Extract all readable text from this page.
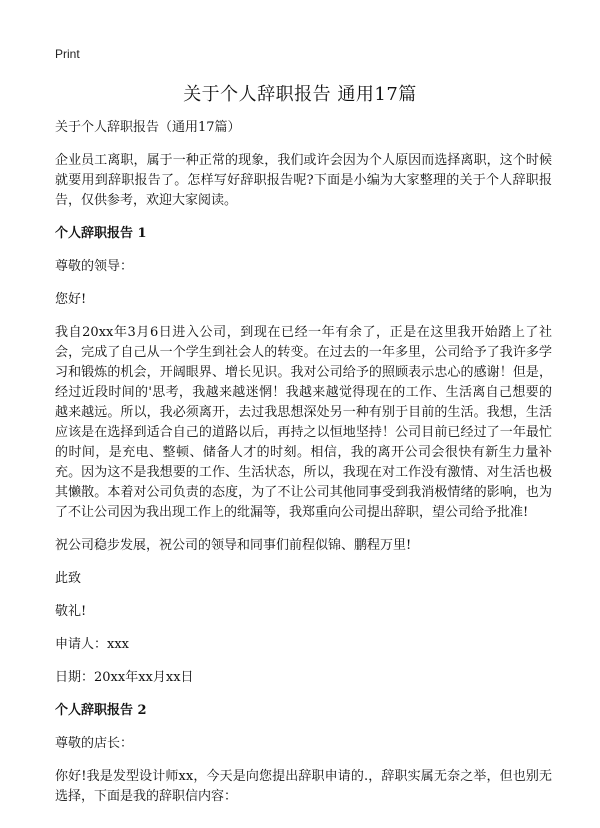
Print
关于个人辞职报告 通用17篇

关于个人辞职报告（通用17篇）

企业员工离职，属于一种正常的现象，我们或许会因为个人原因而选择离职，这个时候就要用到辞职报告了。怎样写好辞职报告呢?下面是小编为大家整理的关于个人辞职报告，仅供参考，欢迎大家阅读。

个人辞职报告 1

尊敬的领导：

您好!

我自20xx年3月6日进入公司，到现在已经一年有余了，正是在这里我开始踏上了社会，完成了自己从一个学生到社会人的转变。在过去的一年多里，公司给予了我许多学习和锻炼的机会，开阔眼界、增长见识。我对公司给予的照顾表示忠心的感谢！但是，经过近段时间的'思考，我越来越迷惘！我越来越觉得现在的工作、生活离自己想要的越来越远。所以，我必须离开，去过我思想深处另一种有别于目前的生活。我想，生活应该是在选择到适合自己的道路以后，再持之以恒地坚持！公司目前已经过了一年最忙的时间，是充电、整顿、储备人才的时刻。相信，我的离开公司会很快有新生力量补充。因为这不是我想要的工作、生活状态，所以，我现在对工作没有激情、对生活也极其懒散。本着对公司负责的态度，为了不让公司其他同事受到我消极情绪的影响，也为了不让公司因为我出现工作上的纰漏等，我郑重向公司提出辞职，望公司给予批准!

祝公司稳步发展，祝公司的领导和同事们前程似锦、鹏程万里!

此致

敬礼!

申请人：xxx

日期：20xx年xx月xx日

个人辞职报告 2

尊敬的店长：

你好!我是发型设计师xx，今天是向您提出辞职申请的.，辞职实属无奈之举，但也别无选择，下面是我的辞职信内容：
